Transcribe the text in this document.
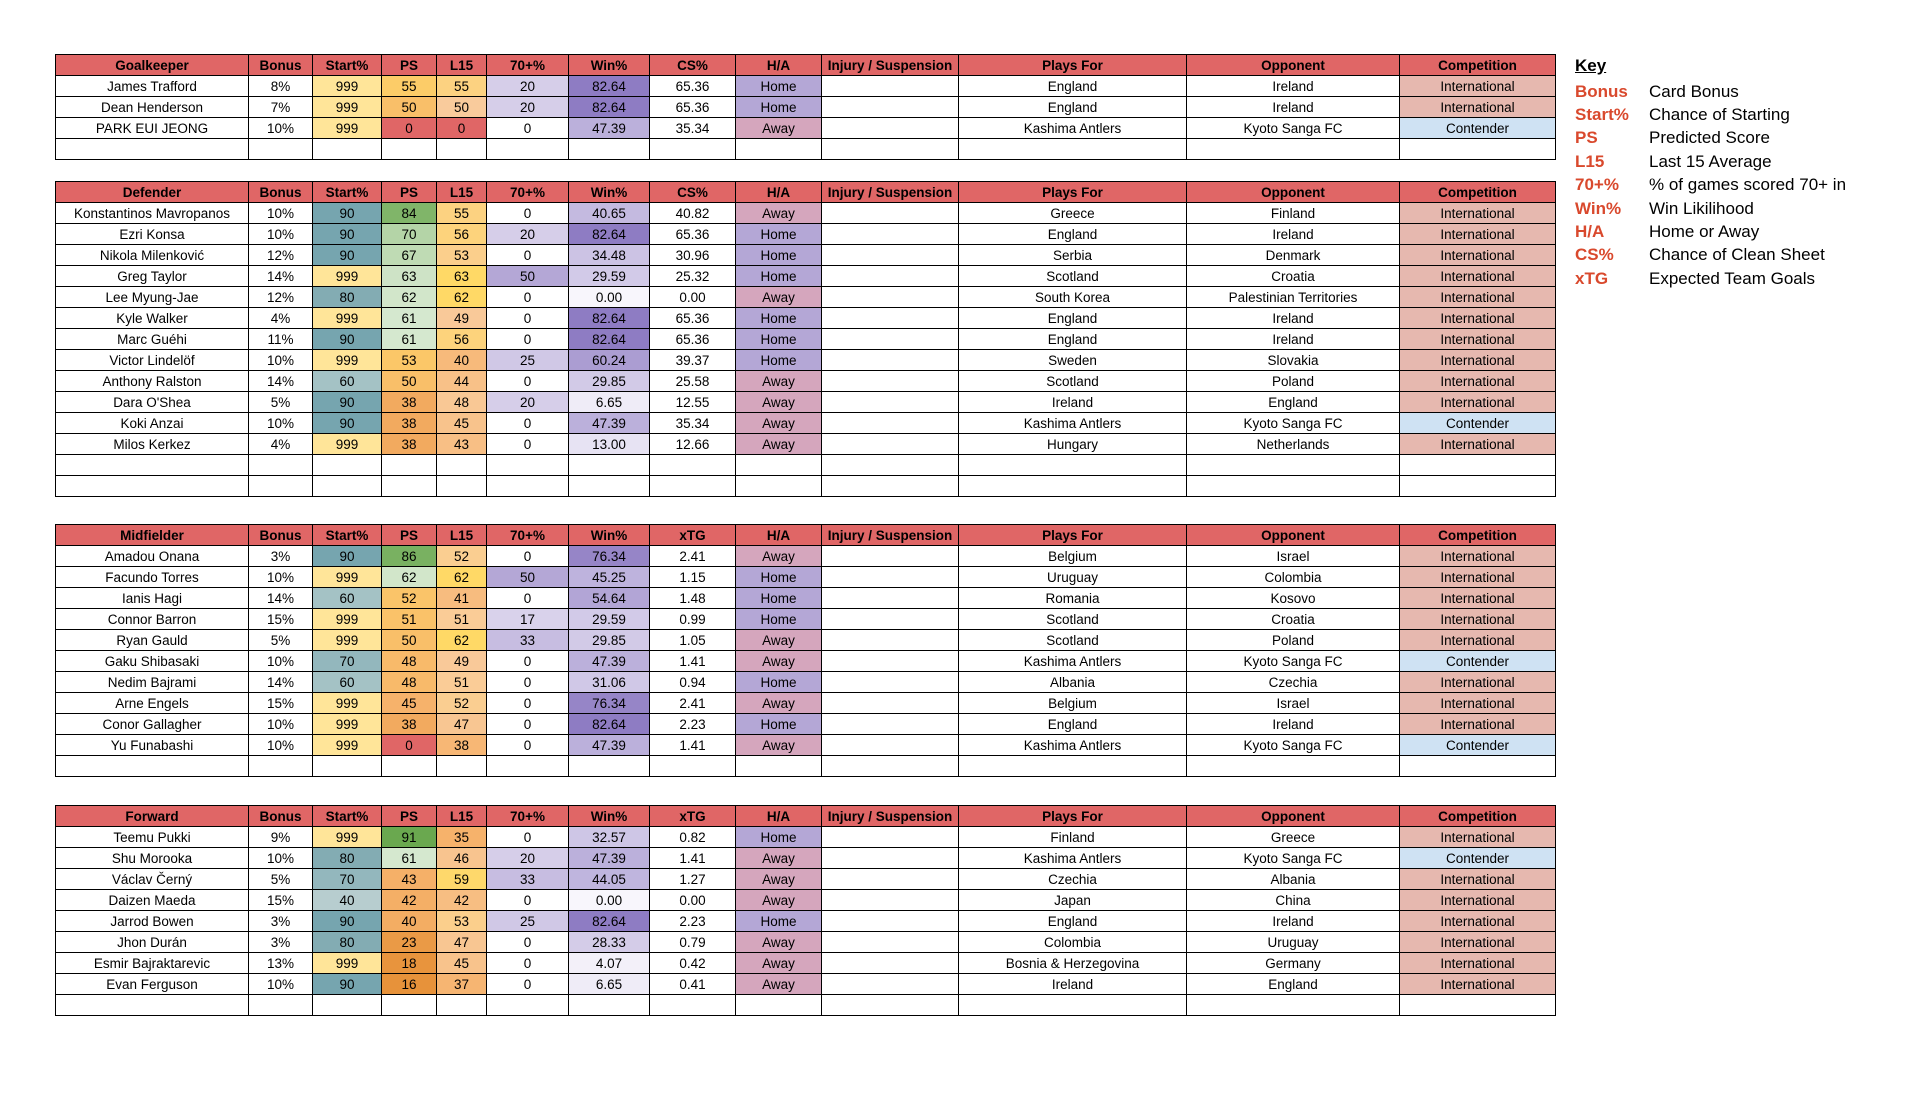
Goalkeeper	Bonus	Start%	PS	L15	70+%	Win%	CS%	H/A	Injury / Suspension	Plays For	Opponent	Competition
James Trafford	8%	999	55	55	20	82.64	65.36	Home		England	Ireland	International
Dean Henderson	7%	999	50	50	20	82.64	65.36	Home		England	Ireland	International
PARK EUI JEONG	10%	999	0	0	0	47.39	35.34	Away		Kashima Antlers	Kyoto Sanga FC	Contender

Defender	Bonus	Start%	PS	L15	70+%	Win%	CS%	H/A	Injury / Suspension	Plays For	Opponent	Competition
Konstantinos Mavropanos	10%	90	84	55	0	40.65	40.82	Away		Greece	Finland	International
Ezri Konsa	10%	90	70	56	20	82.64	65.36	Home		England	Ireland	International
Nikola Milenković	12%	90	67	53	0	34.48	30.96	Home		Serbia	Denmark	International
Greg Taylor	14%	999	63	63	50	29.59	25.32	Home		Scotland	Croatia	International
Lee Myung-Jae	12%	80	62	62	0	0.00	0.00	Away		South Korea	Palestinian Territories	International
Kyle Walker	4%	999	61	49	0	82.64	65.36	Home		England	Ireland	International
Marc Guéhi	11%	90	61	56	0	82.64	65.36	Home		England	Ireland	International
Victor Lindelöf	10%	999	53	40	25	60.24	39.37	Home		Sweden	Slovakia	International
Anthony Ralston	14%	60	50	44	0	29.85	25.58	Away		Scotland	Poland	International
Dara O'Shea	5%	90	38	48	20	6.65	12.55	Away		Ireland	England	International
Koki Anzai	10%	90	38	45	0	47.39	35.34	Away		Kashima Antlers	Kyoto Sanga FC	Contender
Milos Kerkez	4%	999	38	43	0	13.00	12.66	Away		Hungary	Netherlands	International

Midfielder	Bonus	Start%	PS	L15	70+%	Win%	xTG	H/A	Injury / Suspension	Plays For	Opponent	Competition
Amadou Onana	3%	90	86	52	0	76.34	2.41	Away		Belgium	Israel	International
Facundo Torres	10%	999	62	62	50	45.25	1.15	Home		Uruguay	Colombia	International
Ianis Hagi	14%	60	52	41	0	54.64	1.48	Home		Romania	Kosovo	International
Connor Barron	15%	999	51	51	17	29.59	0.99	Home		Scotland	Croatia	International
Ryan Gauld	5%	999	50	62	33	29.85	1.05	Away		Scotland	Poland	International
Gaku Shibasaki	10%	70	48	49	0	47.39	1.41	Away		Kashima Antlers	Kyoto Sanga FC	Contender
Nedim Bajrami	14%	60	48	51	0	31.06	0.94	Home		Albania	Czechia	International
Arne Engels	15%	999	45	52	0	76.34	2.41	Away		Belgium	Israel	International
Conor Gallagher	10%	999	38	47	0	82.64	2.23	Home		England	Ireland	International
Yu Funabashi	10%	999	0	38	0	47.39	1.41	Away		Kashima Antlers	Kyoto Sanga FC	Contender

Forward	Bonus	Start%	PS	L15	70+%	Win%	xTG	H/A	Injury / Suspension	Plays For	Opponent	Competition
Teemu Pukki	9%	999	91	35	0	32.57	0.82	Home		Finland	Greece	International
Shu Morooka	10%	80	61	46	20	47.39	1.41	Away		Kashima Antlers	Kyoto Sanga FC	Contender
Václav Černý	5%	70	43	59	33	44.05	1.27	Away		Czechia	Albania	International
Daizen Maeda	15%	40	42	42	0	0.00	0.00	Away		Japan	China	International
Jarrod Bowen	3%	90	40	53	25	82.64	2.23	Home		England	Ireland	International
Jhon Durán	3%	80	23	47	0	28.33	0.79	Away		Colombia	Uruguay	International
Esmir Bajraktarevic	13%	999	18	45	0	4.07	0.42	Away		Bosnia & Herzegovina	Germany	International
Evan Ferguson	10%	90	16	37	0	6.65	0.41	Away		Ireland	England	International

Key
Bonus	Card Bonus
Start%	Chance of Starting
PS	Predicted Score
L15	Last 15 Average
70+%	% of games scored 70+ in
Win%	Win Likilihood
H/A	Home or Away
CS%	Chance of Clean Sheet
xTG	Expected Team Goals
